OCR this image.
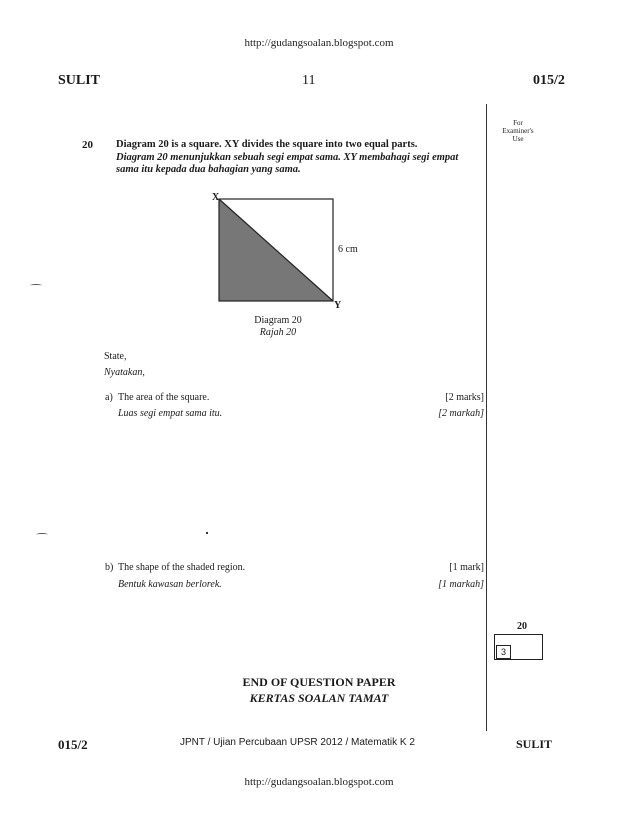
http://gudangsoalan.blogspot.com
SULIT	11	015/2
For
Examiner's
Use
20 Diagram 20 is a square. XY divides the square into two equal parts.
Diagram 20 menunjukkan sebuah segi empat sama. XY membahagi segi empat
sama itu kepada dua bahagian yang sama.
X
Y
6 cm
Diagram 20
Rajah 20
State,
Nyatakan,
a) The area of the square.
Luas segi empat sama itu.
[2 marks]
[2 markah]
b) The shape of the shaded region.
Bentuk kawasan berlorek.
[1 mark]
[1 markah]
20
3
END OF QUESTION PAPER
KERTAS SOALAN TAMAT
015/2	JPNT / Ujian Percubaan UPSR 2012 / Matematik K 2	SULIT
http://gudangsoalan.blogspot.com
